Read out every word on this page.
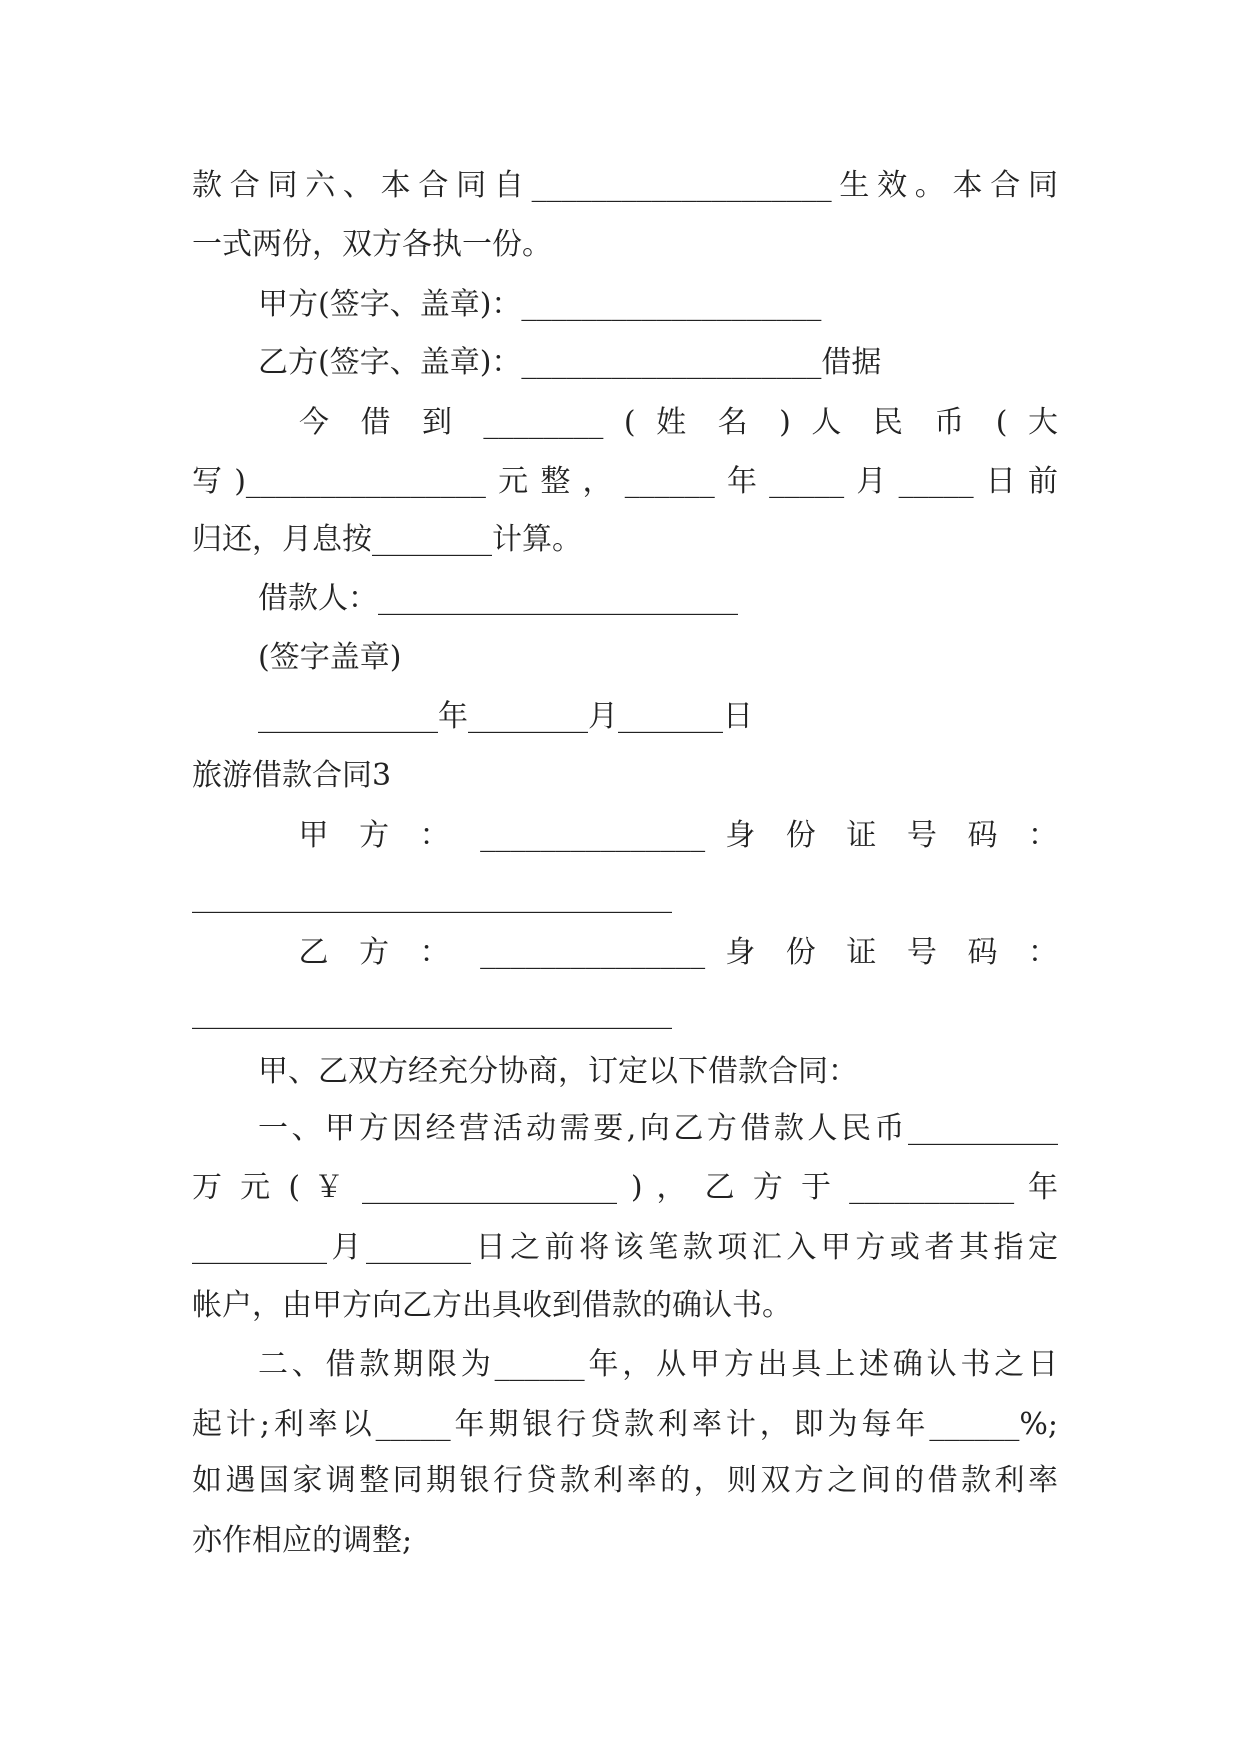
款合同六、本合同自____________________生效。本合同
一式两份，双方各执一份。
甲方(签字、盖章)：____________________
乙方(签字、盖章)：____________________借据
　今 借 到 ________ ( 姓 名 ) 人 民 币 ( 大
写)________________元整，______年_____月_____日前
归还，月息按________计算。
借款人：________________________
(签字盖章)
____________年________月_______日
旅游借款合同3
　甲 方 ： _______________ 身 份 证 号 码 ：
________________________________
　乙 方 ： _______________ 身 份 证 号 码 ：
________________________________
甲、乙双方经充分协商，订定以下借款合同：
一、甲方因经营活动需要,向乙方借款人民币__________
万 元 ( ￥ _________________ ) ， 乙 方 于 ___________ 年
_________月_______日之前将该笔款项汇入甲方或者其指定
帐户，由甲方向乙方出具收到借款的确认书。
二、借款期限为______年，从甲方出具上述确认书之日
起计;利率以_____年期银行贷款利率计，即为每年______%;
如遇国家调整同期银行贷款利率的，则双方之间的借款利率
亦作相应的调整;
